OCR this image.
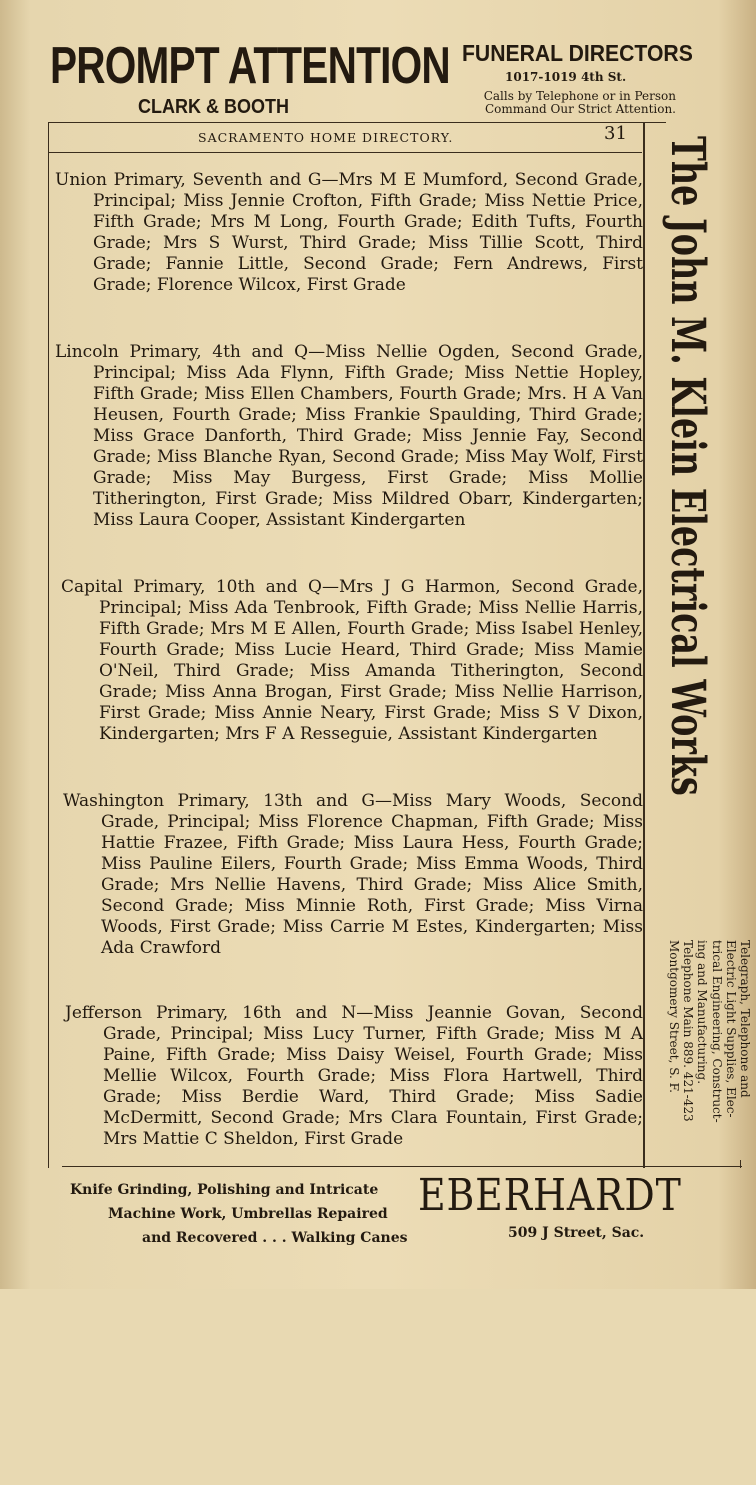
PROMPT ATTENTION
CLARK & BOOTH
FUNERAL DIRECTORS
1017-1019 4th St.
Calls by Telephone or in Person Command Our Strict Attention.
SACRAMENTO HOME DIRECTORY.	31

Union Primary, Seventh and G—Mrs M E Mumford, Second Grade, Principal; Miss Jennie Crofton, Fifth Grade; Miss Nettie Price, Fifth Grade; Mrs M Long, Fourth Grade; Edith Tufts, Fourth Grade; Mrs S Wurst, Third Grade; Miss Tillie Scott, Third Grade; Fannie Little, Second Grade; Fern Andrews, First Grade; Florence Wilcox, First Grade

Lincoln Primary, 4th and Q—Miss Nellie Ogden, Second Grade, Principal; Miss Ada Flynn, Fifth Grade; Miss Nettie Hopley, Fifth Grade; Miss Ellen Chambers, Fourth Grade; Mrs. H A Van Heusen, Fourth Grade; Miss Frankie Spaulding, Third Grade; Miss Grace Danforth, Third Grade; Miss Jennie Fay, Second Grade; Miss Blanche Ryan, Second Grade; Miss May Wolf, First Grade; Miss May Burgess, First Grade; Miss Mollie Titherington, First Grade; Miss Mildred Obarr, Kindergarten; Miss Laura Cooper, Assistant Kindergarten

Capital Primary, 10th and Q—Mrs J G Harmon, Second Grade, Principal; Miss Ada Tenbrook, Fifth Grade; Miss Nellie Harris, Fifth Grade; Mrs M E Allen, Fourth Grade; Miss Isabel Henley, Fourth Grade; Miss Lucie Heard, Third Grade; Miss Mamie O'Neil, Third Grade; Miss Amanda Titherington, Second Grade; Miss Anna Brogan, First Grade; Miss Nellie Harrison, First Grade; Miss Annie Neary, First Grade; Miss S V Dixon, Kindergarten; Mrs F A Resseguie, Assistant Kindergarten

Washington Primary, 13th and G—Miss Mary Woods, Second Grade, Principal; Miss Florence Chapman, Fifth Grade; Miss Hattie Frazee, Fifth Grade; Miss Laura Hess, Fourth Grade; Miss Pauline Eilers, Fourth Grade; Miss Emma Woods, Third Grade; Mrs Nellie Havens, Third Grade; Miss Alice Smith, Second Grade; Miss Minnie Roth, First Grade; Miss Virna Woods, First Grade; Miss Carrie M Estes, Kindergarten; Miss Ada Crawford

Jefferson Primary, 16th and N—Miss Jeannie Govan, Second Grade, Principal; Miss Lucy Turner, Fifth Grade; Miss M A Paine, Fifth Grade; Miss Daisy Weisel, Fourth Grade; Miss Mellie Wilcox, Fourth Grade; Miss Flora Hartwell, Third Grade; Miss Berdie Ward, Third Grade; Miss Sadie McDermitt, Second Grade; Mrs Clara Fountain, First Grade; Mrs Mattie C Sheldon, First Grade

The John M. Klein Electrical Works
Telegraph, Telephone and
Electric Light Supplies, Elec-
trical Engineering, Construct-
ing and Manufacturing.
Telephone Main 889. 421-423
Montgomery Street, S. F.
Knife Grinding, Polishing and Intricate
Machine Work, Umbrellas Repaired
and Recovered . . . Walking Canes
EBERHARDT
509 J Street, Sac.
